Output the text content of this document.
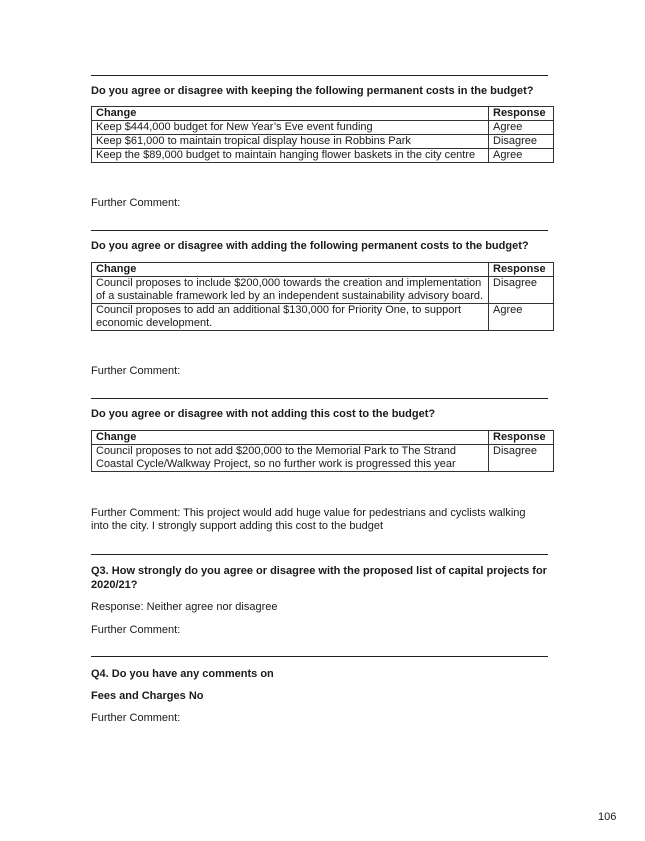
Do you agree or disagree with keeping the following permanent costs in the budget?

Change	Response
Keep $444,000 budget for New Year’s Eve event funding	Agree
Keep $61,000 to maintain tropical display house in Robbins Park	Disagree
Keep the $89,000 budget to maintain hanging flower baskets in the city centre	Agree

Further Comment:

Do you agree or disagree with adding the following permanent costs to the budget?

Change	Response
Council proposes to include $200,000 towards the creation and implementation of a sustainable framework led by an independent sustainability advisory board.	Disagree
Council proposes to add an additional $130,000 for Priority One, to support economic development.	Agree

Further Comment:

Do you agree or disagree with not adding this cost to the budget?

Change	Response
Council proposes to not add $200,000 to the Memorial Park to The Strand Coastal Cycle/Walkway Project, so no further work is progressed this year	Disagree

Further Comment: This project would add huge value for pedestrians and cyclists walking into the city. I strongly support adding this cost to the budget

Q3. How strongly do you agree or disagree with the proposed list of capital projects for 2020/21?

Response: Neither agree nor disagree

Further Comment:

Q4. Do you have any comments on

Fees and Charges No

Further Comment:

106
